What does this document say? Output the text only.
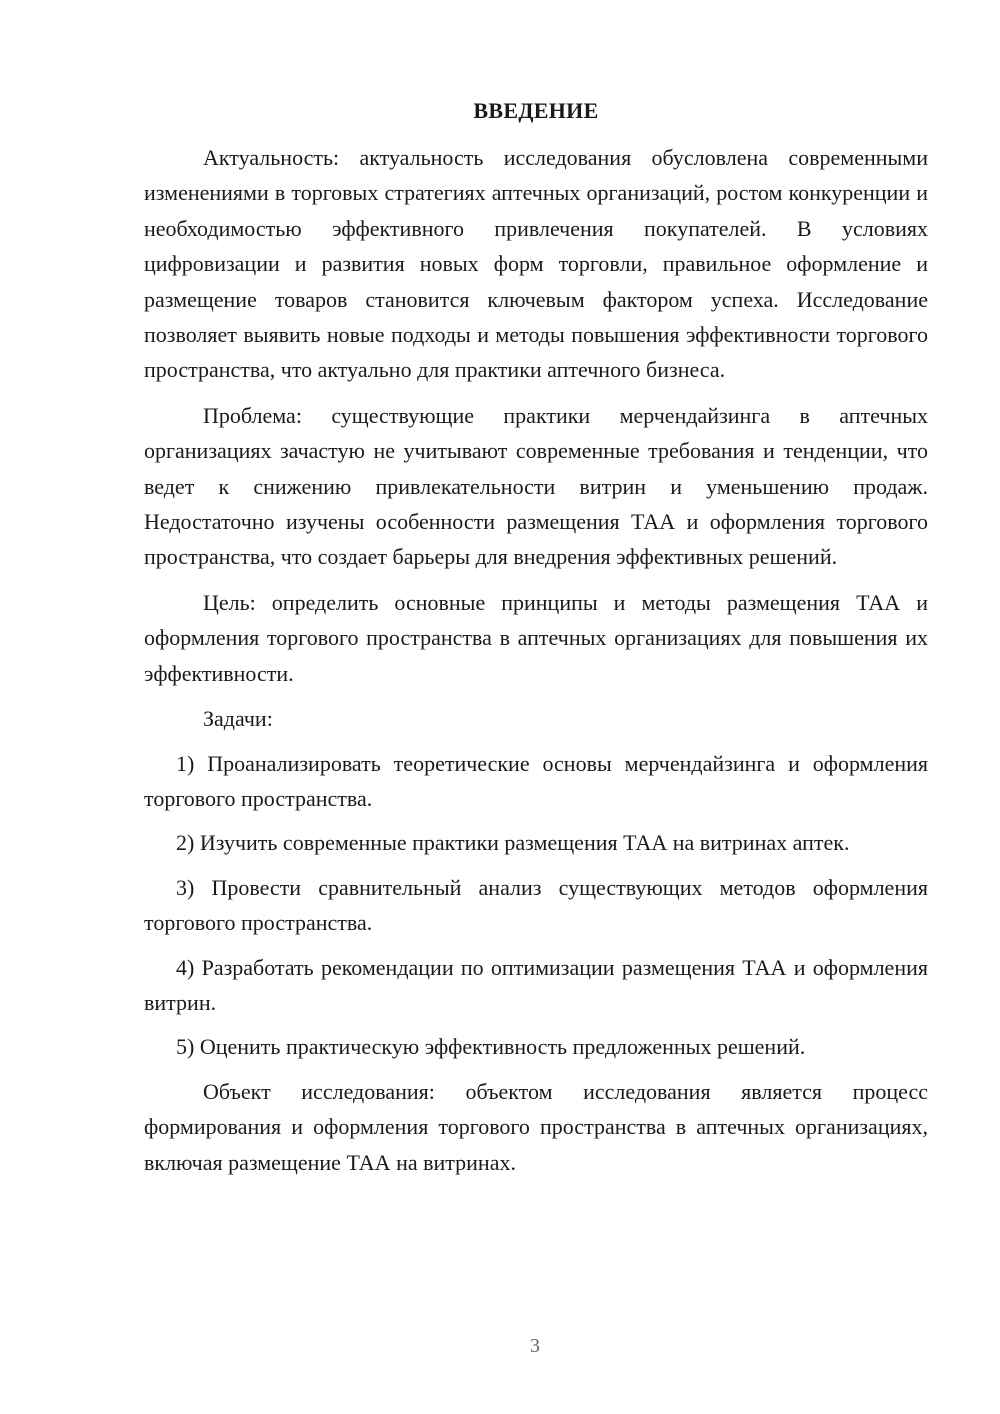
ВВЕДЕНИЕ

Актуальность: актуальность исследования обусловлена современными изменениями в торговых стратегиях аптечных организаций, ростом конкуренции и необходимостью эффективного привлечения покупателей. В условиях цифровизации и развития новых форм торговли, правильное оформление и размещение товаров становится ключевым фактором успеха. Исследование позволяет выявить новые подходы и методы повышения эффективности торгового пространства, что актуально для практики аптечного бизнеса.

Проблема: существующие практики мерчендайзинга в аптечных организациях зачастую не учитывают современные требования и тенденции, что ведет к снижению привлекательности витрин и уменьшению продаж. Недостаточно изучены особенности размещения ТАА и оформления торгового пространства, что создает барьеры для внедрения эффективных решений.

Цель: определить основные принципы и методы размещения ТАА и оформления торгового пространства в аптечных организациях для повышения их эффективности.

Задачи:

1) Проанализировать теоретические основы мерчендайзинга и оформления торгового пространства.

2) Изучить современные практики размещения ТАА на витринах аптек.

3) Провести сравнительный анализ существующих методов оформления торгового пространства.

4) Разработать рекомендации по оптимизации размещения ТАА и оформления витрин.

5) Оценить практическую эффективность предложенных решений.

Объект исследования: объектом исследования является процесс формирования и оформления торгового пространства в аптечных организациях, включая размещение ТАА на витринах.

3
